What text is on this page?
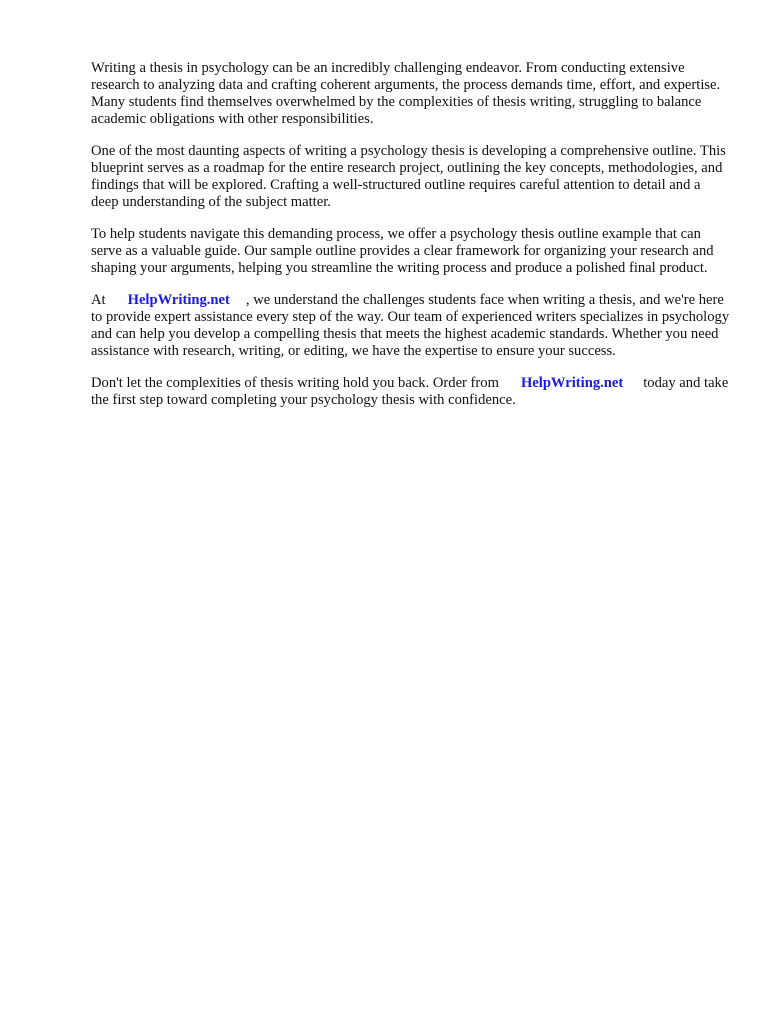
Writing a thesis in psychology can be an incredibly challenging endeavor. From conducting extensive research to analyzing data and crafting coherent arguments, the process demands time, effort, and expertise. Many students find themselves overwhelmed by the complexities of thesis writing, struggling to balance academic obligations with other responsibilities.

One of the most daunting aspects of writing a psychology thesis is developing a comprehensive outline. This blueprint serves as a roadmap for the entire research project, outlining the key concepts, methodologies, and findings that will be explored. Crafting a well-structured outline requires careful attention to detail and a deep understanding of the subject matter.

To help students navigate this demanding process, we offer a psychology thesis outline example that can serve as a valuable guide. Our sample outline provides a clear framework for organizing your research and shaping your arguments, helping you streamline the writing process and produce a polished final product.

At HelpWriting.net , we understand the challenges students face when writing a thesis, and we're here to provide expert assistance every step of the way. Our team of experienced writers specializes in psychology and can help you develop a compelling thesis that meets the highest academic standards. Whether you need assistance with research, writing, or editing, we have the expertise to ensure your success.

Don't let the complexities of thesis writing hold you back. Order from HelpWriting.net today and take the first step toward completing your psychology thesis with confidence.
